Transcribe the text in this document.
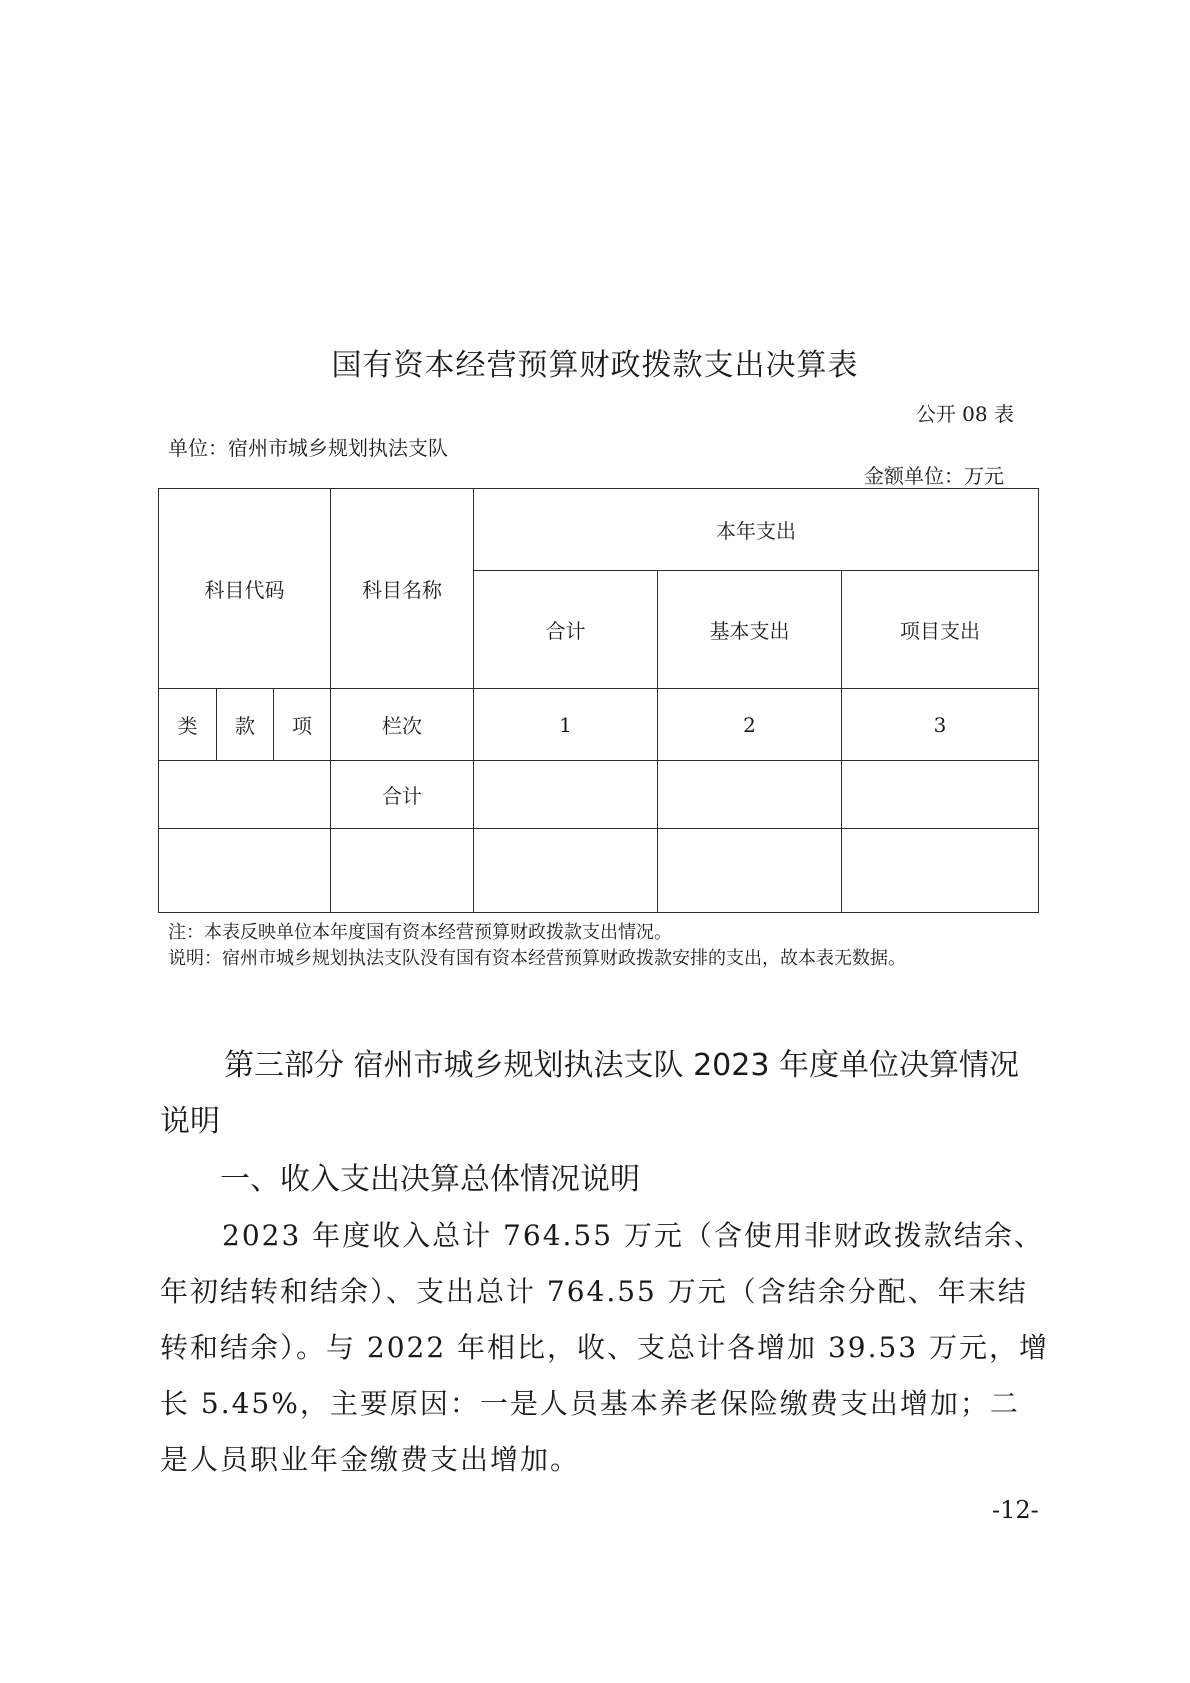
国有资本经营预算财政拨款支出决算表
公开 08 表
单位：宿州市城乡规划执法支队
金额单位：万元
科目代码			科目名称	本年支出		
				合计	基本支出	项目支出
类	款	项	栏次	1	2	3
			合计			

注：本表反映单位本年度国有资本经营预算财政拨款支出情况。
说明：宿州市城乡规划执法支队没有国有资本经营预算财政拨款安排的支出，故本表无数据。
第三部分 宿州市城乡规划执法支队 2023 年度单位决算情况
说明
一、收入支出决算总体情况说明
2023 年度收入总计 764.55 万元（含使用非财政拨款结余、
年初结转和结余）、支出总计 764.55 万元（含结余分配、年末结
转和结余）。与 2022 年相比，收、支总计各增加 39.53 万元，增
长 5.45%，主要原因：一是人员基本养老保险缴费支出增加；二
是人员职业年金缴费支出增加。
-12-
